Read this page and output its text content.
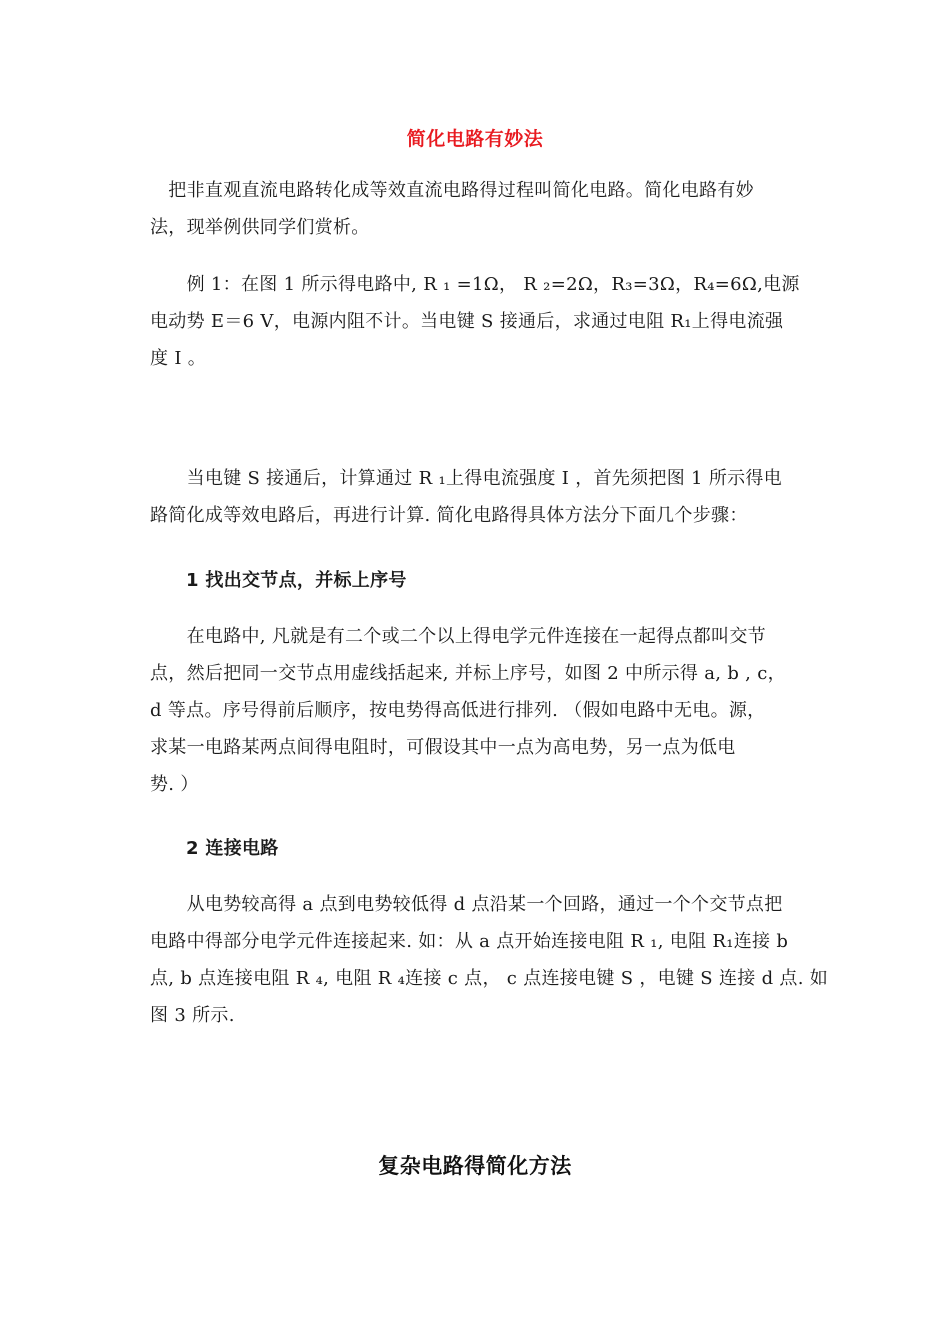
简化电路有妙法
　把非直观直流电路转化成等效直流电路得过程叫简化电路。简化电路有妙
法，现举例供同学们赏析。
　　例 1：在图 1 所示得电路中, R ₁ =1Ω， R ₂=2Ω，R₃=3Ω，R₄=6Ω,电源
电动势 E＝6 V，电源内阻不计。当电键 S 接通后，求通过电阻 R₁上得电流强
度 I 。
　　当电键 S 接通后，计算通过 R ₁上得电流强度 I ，首先须把图 1 所示得电
路简化成等效电路后，再进行计算. 简化电路得具体方法分下面几个步骤：
1 找出交节点，并标上序号
　　在电路中, 凡就是有二个或二个以上得电学元件连接在一起得点都叫交节
点，然后把同一交节点用虚线括起来, 并标上序号，如图 2 中所示得 a, b , c，
d 等点。序号得前后顺序，按电势得高低进行排列. （假如电路中无电。源，
求某一电路某两点间得电阻时，可假设其中一点为高电势，另一点为低电
势. ）
2 连接电路
　　从电势较高得 a 点到电势较低得 d 点沿某一个回路，通过一个个交节点把
电路中得部分电学元件连接起来. 如：从 a 点开始连接电阻 R ₁, 电阻 R₁连接 b
点, b 点连接电阻 R ₄, 电阻 R ₄连接 c 点， c 点连接电键 S ，电键 S 连接 d 点. 如
图 3 所示.
复杂电路得简化方法
